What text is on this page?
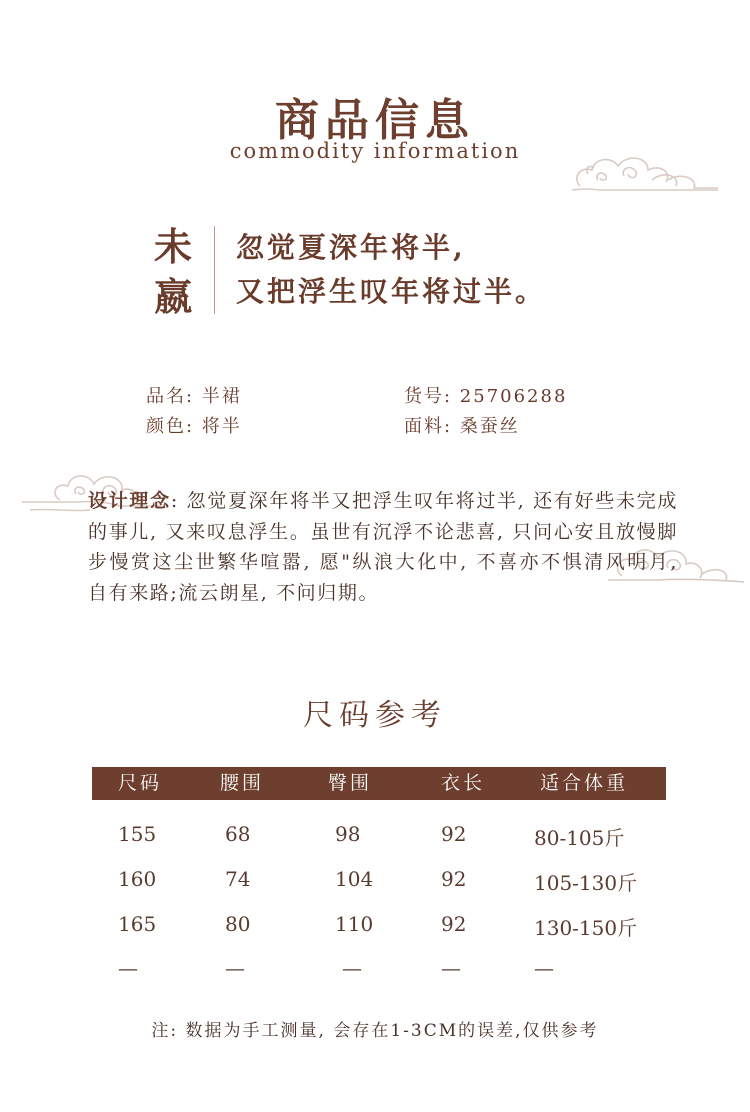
商品信息
commodity information
未
嬴
忽觉夏深年将半,
又把浮生叹年将过半。
品名: 半裙	货号: 25706288
颜色: 将半	面料: 桑蚕丝
设计理念: 忽觉夏深年将半又把浮生叹年将过半, 还有好些未完成的事儿, 又来叹息浮生。虽世有沉浮不论悲喜, 只问心安且放慢脚步慢赏这尘世繁华喧嚣, 愿"纵浪大化中, 不喜亦不惧清风明月, 自有来路;流云朗星, 不问归期。
尺码参考
尺码	腰围	臀围	衣长	适合体重
155	68	98	92	80-105斤
160	74	104	92	105-130斤
165	80	110	92	130-150斤
—	—	—	—	—
注: 数据为手工测量, 会存在1-3CM的误差,仅供参考
